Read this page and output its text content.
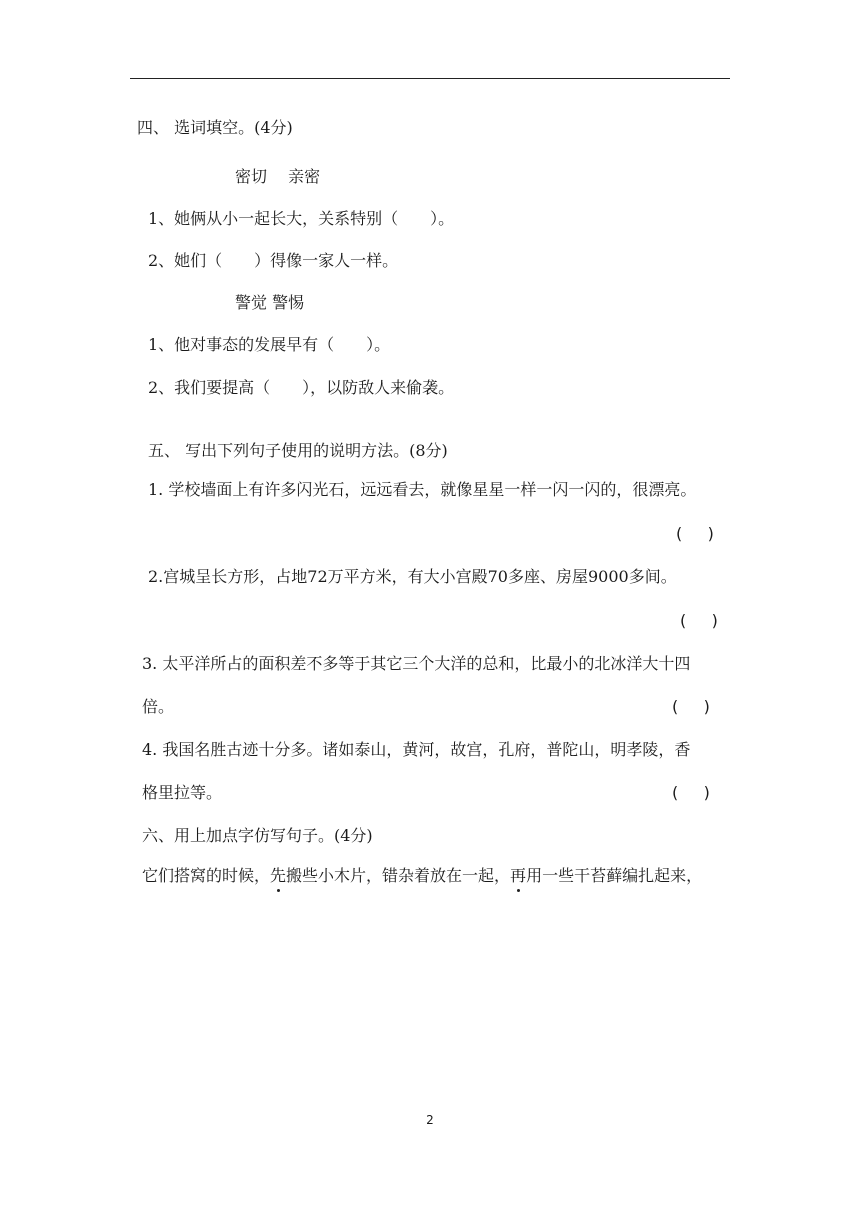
四、 选词填空。(4分)
密切　 亲密
1、她俩从小一起长大，关系特别（　　）。
2、她们（　　）得像一家人一样。
警觉 警惕
1、他对事态的发展早有（　　）。
2、我们要提高（　　），以防敌人来偷袭。
五、 写出下列句子使用的说明方法。(8分)
1. 学校墙面上有许多闪光石，远远看去，就像星星一样一闪一闪的，很漂亮。
(     )
2.宫城呈长方形，占地72万平方米，有大小宫殿70多座、房屋9000多间。
(     )
3. 太平洋所占的面积差不多等于其它三个大洋的总和，比最小的北冰洋大十四
倍。	(     )
4. 我国名胜古迹十分多。诸如泰山，黄河，故宫，孔府，普陀山，明孝陵，香
格里拉等。	(     )
六、用上加点字仿写句子。(4分)
它们搭窝的时候，先搬些小木片，错杂着放在一起，再用一些干苔藓编扎起来，
2
